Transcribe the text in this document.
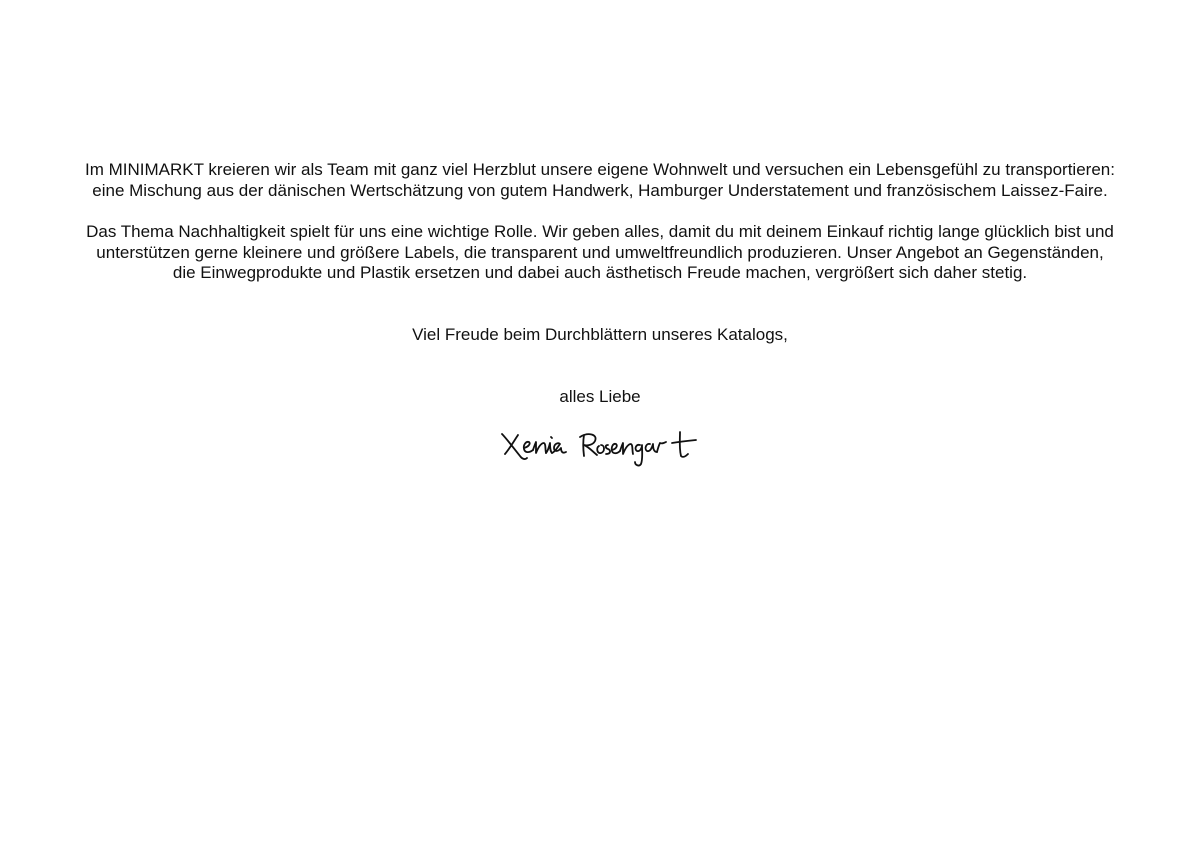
Im MINIMARKT kreieren wir als Team mit ganz viel Herzblut unsere eigene Wohnwelt und versuchen ein Lebensgefühl zu transportieren:

eine Mischung aus der dänischen Wertschätzung von gutem Handwerk, Hamburger Understatement und französischem Laissez-Faire.

Das Thema Nachhaltigkeit spielt für uns eine wichtige Rolle. Wir geben alles, damit du mit deinem Einkauf richtig lange glücklich bist und

unterstützen gerne kleinere und größere Labels, die transparent und umweltfreundlich produzieren. Unser Angebot an Gegenständen,

die Einwegprodukte und Plastik ersetzen und dabei auch ästhetisch Freude machen, vergrößert sich daher stetig.

Viel Freude beim Durchblättern unseres Katalogs,

alles Liebe
